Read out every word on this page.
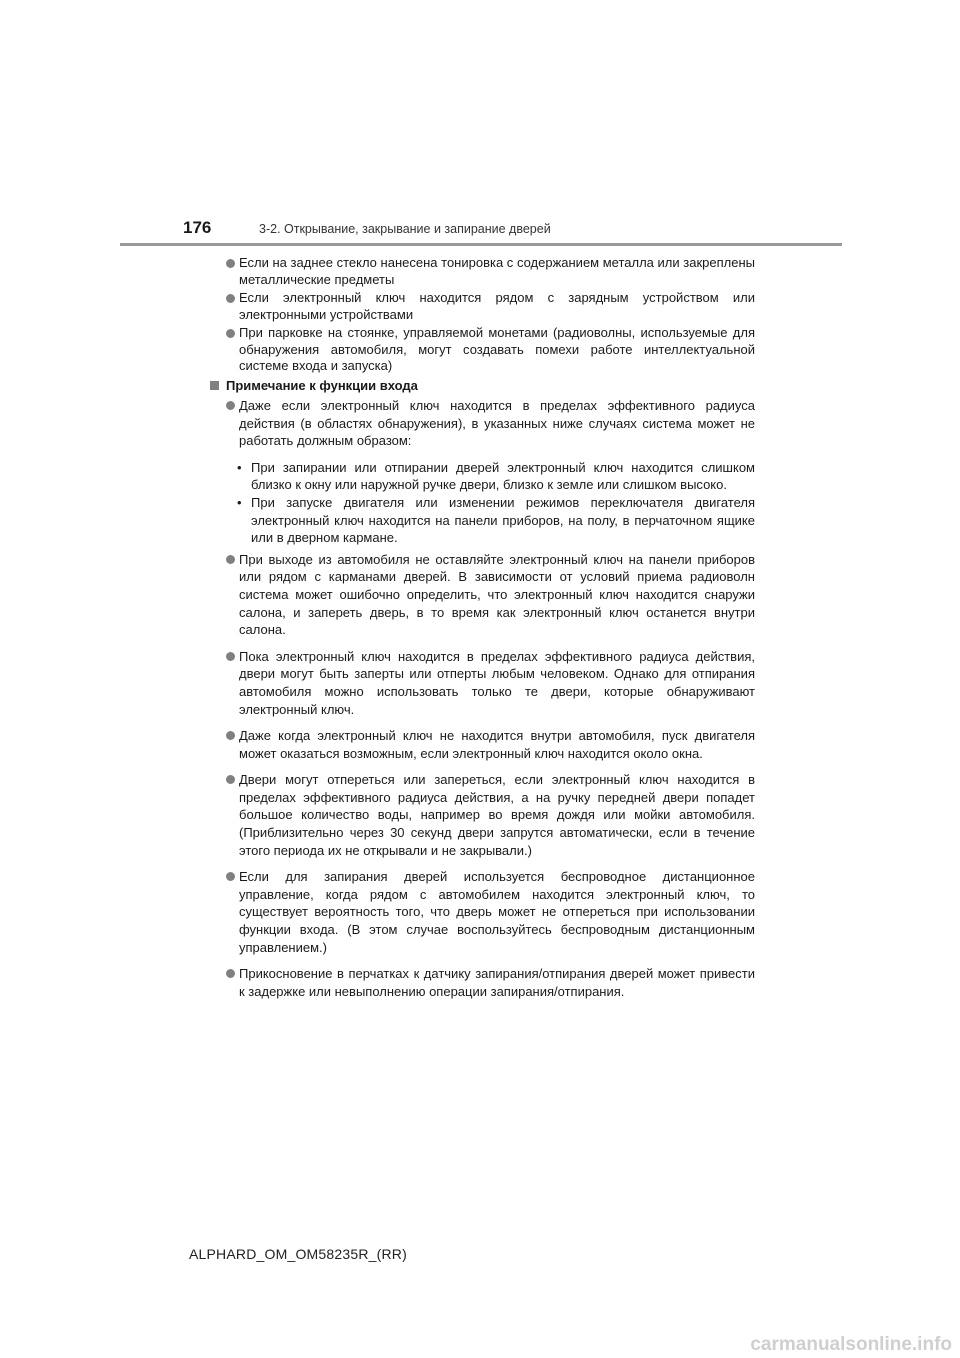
176	3-2. Открывание, закрывание и запирание дверей
Если на заднее стекло нанесена тонировка с содержанием металла или закреплены металлические предметы
Если электронный ключ находится рядом с зарядным устройством или электронными устройствами
При парковке на стоянке, управляемой монетами (радиоволны, используемые для обнаружения автомобиля, могут создавать помехи работе интеллектуальной системе входа и запуска)
Примечание к функции входа
Даже если электронный ключ находится в пределах эффективного радиуса действия (в областях обнаружения), в указанных ниже случаях система может не работать должным образом:
• При запирании или отпирании дверей электронный ключ находится слишком близко к окну или наружной ручке двери, близко к земле или слишком высоко.
• При запуске двигателя или изменении режимов переключателя двигателя электронный ключ находится на панели приборов, на полу, в перчаточном ящике или в дверном кармане.
При выходе из автомобиля не оставляйте электронный ключ на панели приборов или рядом с карманами дверей. В зависимости от условий приема радиоволн система может ошибочно определить, что электронный ключ находится снаружи салона, и запереть дверь, в то время как электронный ключ останется внутри салона.
Пока электронный ключ находится в пределах эффективного радиуса действия, двери могут быть заперты или отперты любым человеком. Однако для отпирания автомобиля можно использовать только те двери, которые обнаруживают электронный ключ.
Даже когда электронный ключ не находится внутри автомобиля, пуск двигателя может оказаться возможным, если электронный ключ находится около окна.
Двери могут отпереться или запереться, если электронный ключ находится в пределах эффективного радиуса действия, а на ручку передней двери попадет большое количество воды, например во время дождя или мойки автомобиля. (Приблизительно через 30 секунд двери запрутся автоматически, если в течение этого периода их не открывали и не закрывали.)
Если для запирания дверей используется беспроводное дистанционное управление, когда рядом с автомобилем находится электронный ключ, то существует вероятность того, что дверь может не отпереться при использовании функции входа. (В этом случае воспользуйтесь беспроводным дистанционным управлением.)
Прикосновение в перчатках к датчику запирания/отпирания дверей может привести к задержке или невыполнению операции запирания/отпирания.
ALPHARD_OM_OM58235R_(RR)
carmanualsonline.info
